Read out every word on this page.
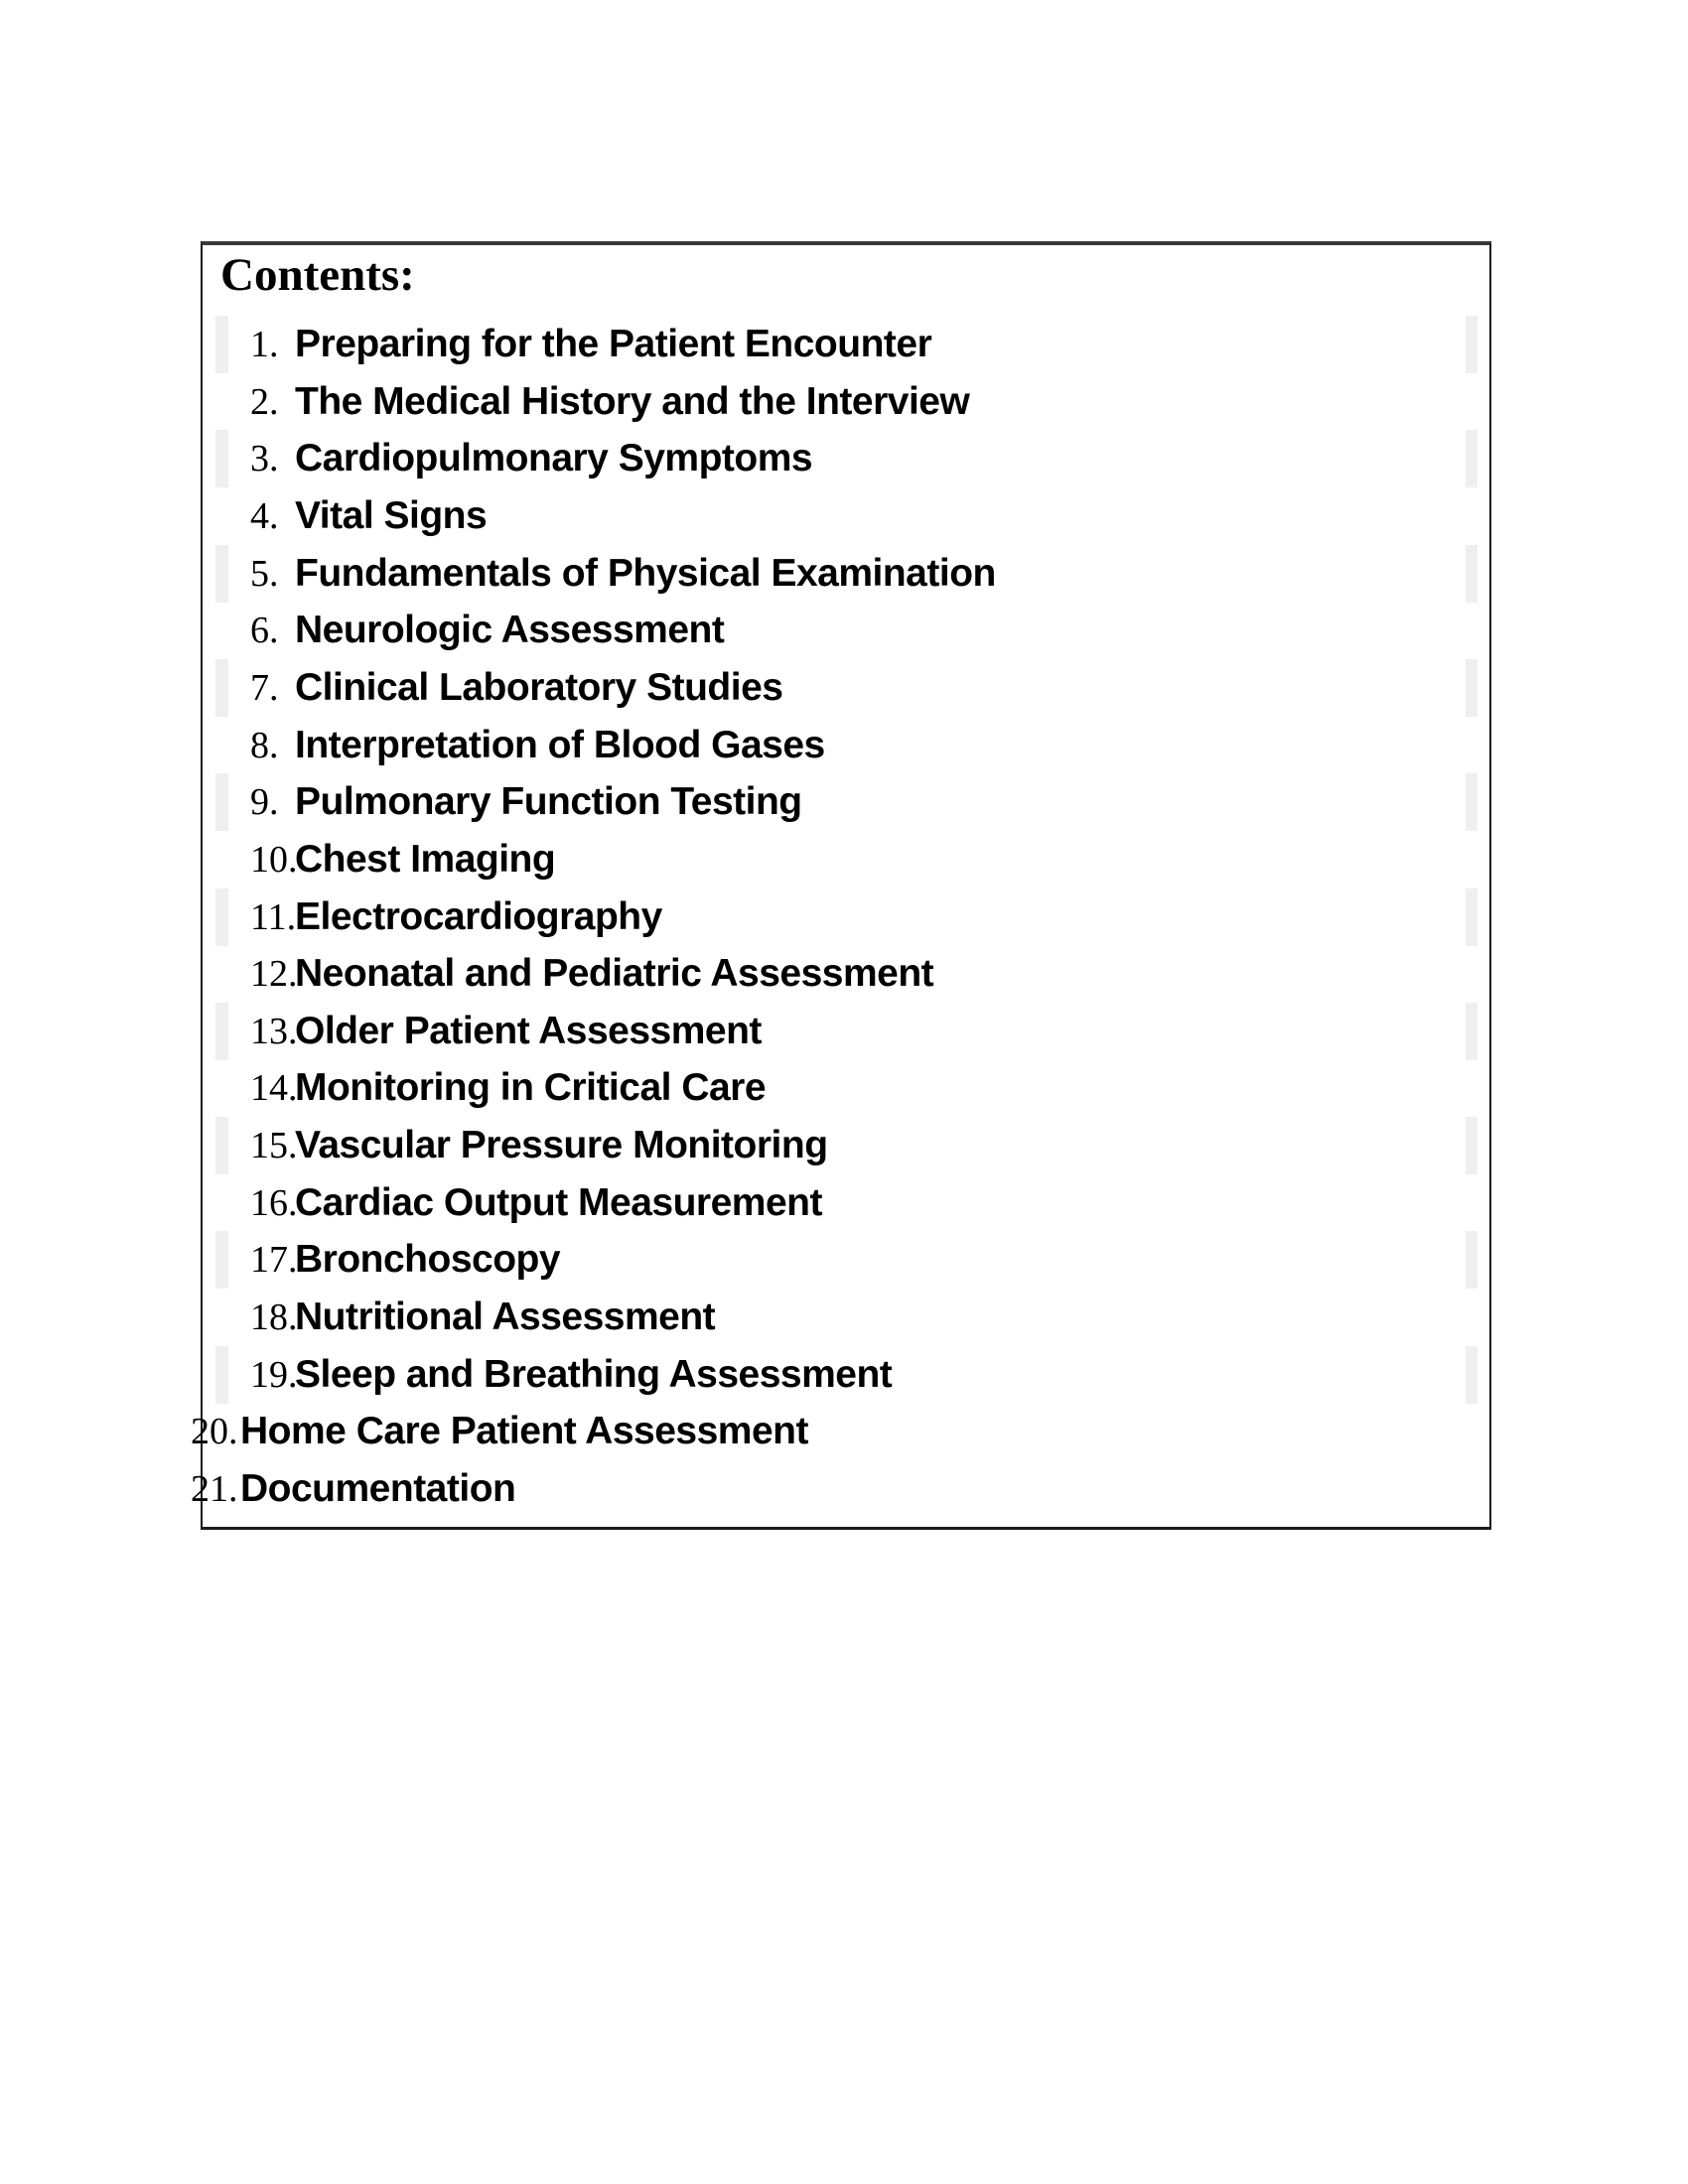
Contents:
1. Preparing for the Patient Encounter
2. The Medical History and the Interview
3. Cardiopulmonary Symptoms
4. Vital Signs
5. Fundamentals of Physical Examination
6. Neurologic Assessment
7. Clinical Laboratory Studies
8. Interpretation of Blood Gases
9. Pulmonary Function Testing
10.
Chest Imaging
11.
Electrocardiography
12.
Neonatal and Pediatric Assessment
13.
Older Patient Assessment
14.
Monitoring in Critical Care
15.
Vascular Pressure Monitoring
16.
Cardiac Output Measurement
17.
Bronchoscopy
18.
Nutritional Assessment
19.
Sleep and Breathing Assessment
20. Home Care Patient Assessment
21. Documentation
